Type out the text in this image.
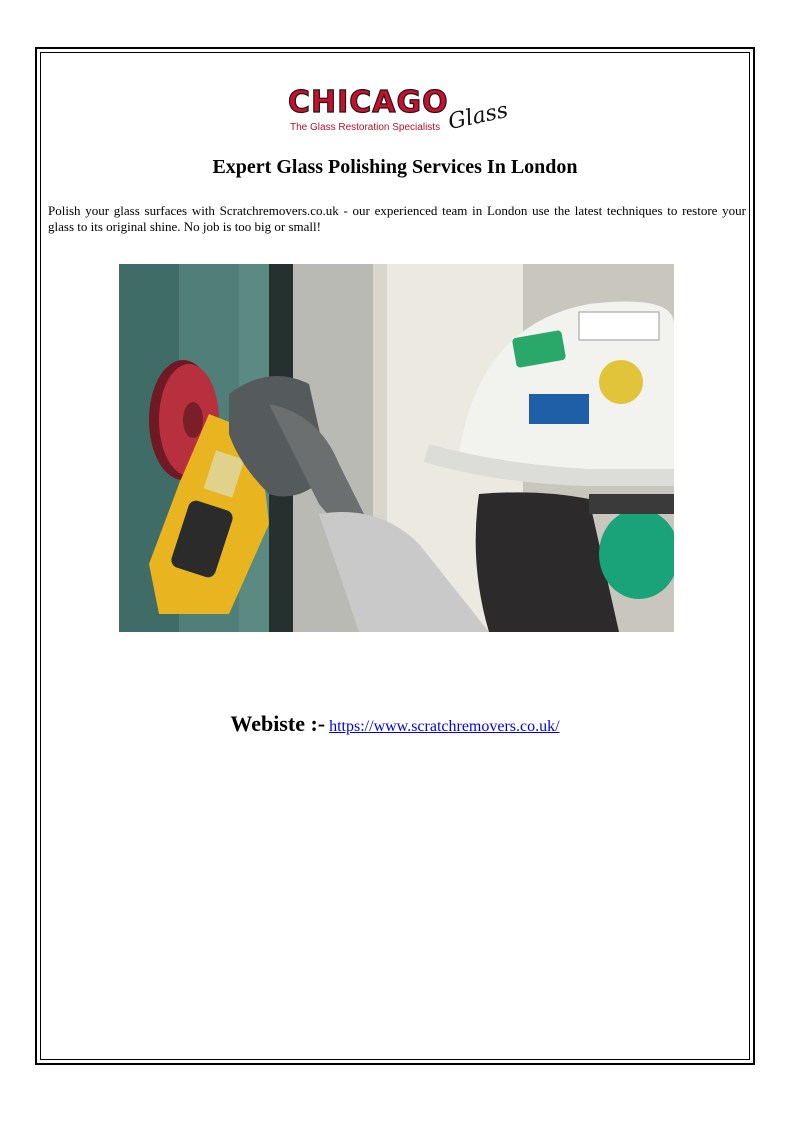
CHICAGO
Glass
The Glass Restoration Specialists
Expert Glass Polishing Services In London
Polish your glass surfaces with Scratchremovers.co.uk - our experienced team in London use the latest techniques to restore your glass to its original shine. No job is too big or small!
Webiste :- https://www.scratchremovers.co.uk/
